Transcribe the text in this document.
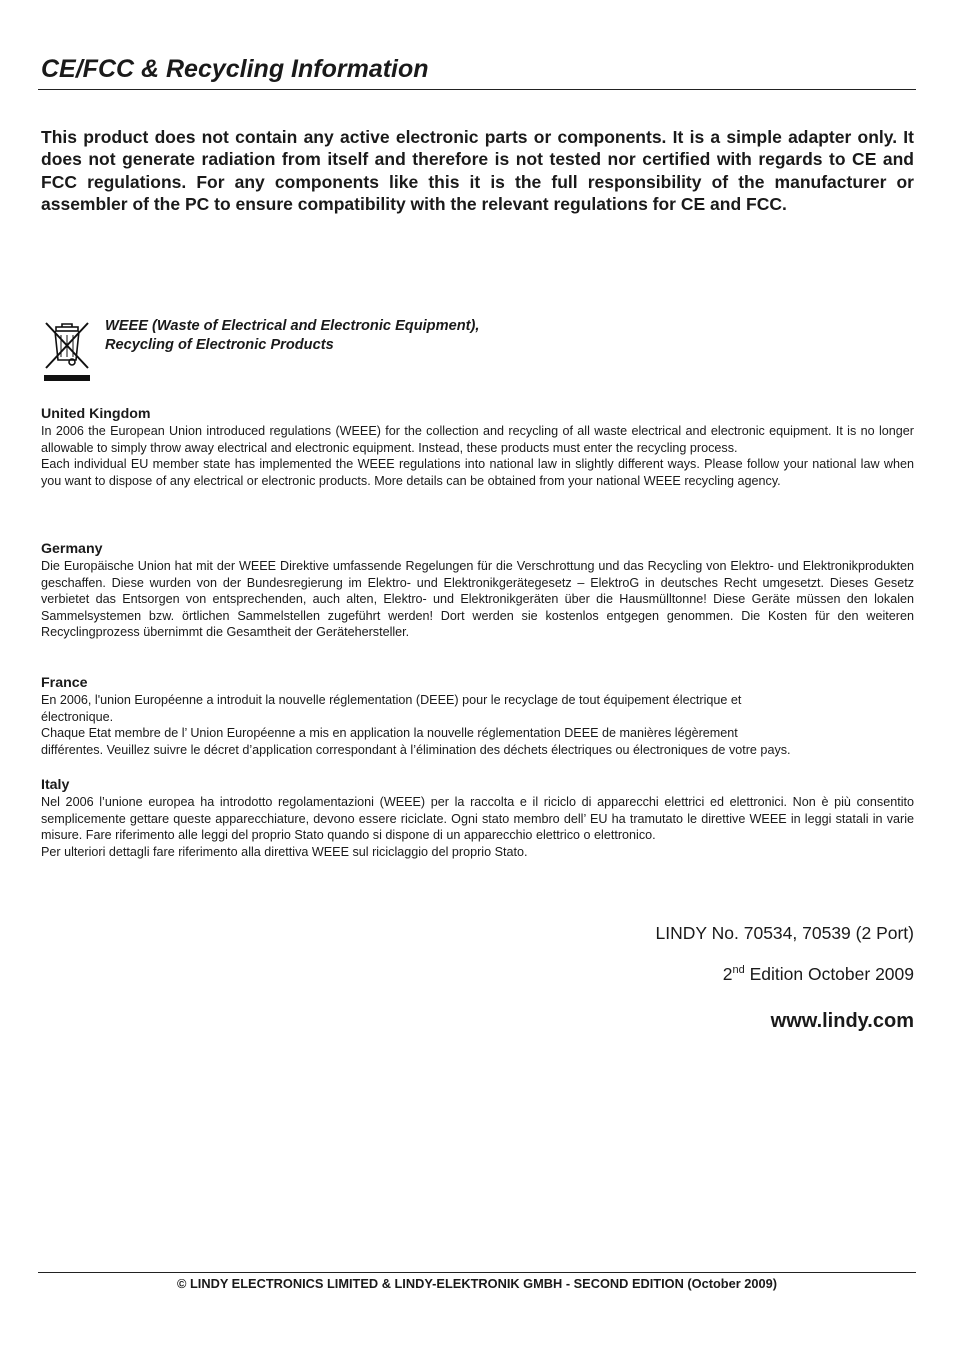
CE/FCC & Recycling Information

This product does not contain any active electronic parts or components. It is a simple adapter only. It does not generate radiation from itself and therefore is not tested nor certified with regards to CE and FCC regulations. For any components like this it is the full responsibility of the manufacturer or assembler of the PC to ensure compatibility with the relevant regulations for CE and FCC.

WEEE (Waste of Electrical and Electronic Equipment),
Recycling of Electronic Products

United Kingdom

In 2006 the European Union introduced regulations (WEEE) for the collection and recycling of all waste electrical and electronic equipment. It is no longer allowable to simply throw away electrical and electronic equipment. Instead, these products must enter the recycling process.

Each individual EU member state has implemented the WEEE regulations into national law in slightly different ways. Please follow your national law when you want to dispose of any electrical or electronic products. More details can be obtained from your national WEEE recycling agency.

Germany

Die Europäische Union hat mit der WEEE Direktive umfassende Regelungen für die Verschrottung und das Recycling von Elektro- und Elektronikprodukten geschaffen. Diese wurden von der Bundesregierung im Elektro- und Elektronikgerätegesetz – ElektroG in deutsches Recht umgesetzt. Dieses Gesetz verbietet das Entsorgen von entsprechenden, auch alten, Elektro- und Elektronikgeräten über die Hausmülltonne! Diese Geräte müssen den lokalen Sammelsystemen bzw. örtlichen Sammelstellen zugeführt werden! Dort werden sie kostenlos entgegen genommen. Die Kosten für den weiteren Recyclingprozess übernimmt die Gesamtheit der Gerätehersteller.

France

En 2006, l'union Européenne a introduit la nouvelle réglementation (DEEE) pour le recyclage de tout équipement électrique et
électronique.

Chaque Etat membre de l’ Union Européenne a mis en application la nouvelle réglementation DEEE de manières légèrement
différentes. Veuillez suivre le décret d’application correspondant à l’élimination des déchets électriques ou électroniques de votre pays.

Italy

Nel 2006 l’unione europea ha introdotto regolamentazioni (WEEE) per la raccolta e il riciclo di apparecchi elettrici ed elettronici. Non è più consentito semplicemente gettare queste apparecchiature, devono essere riciclate. Ogni stato membro dell’ EU ha tramutato le direttive WEEE in leggi statali in varie misure. Fare riferimento alle leggi del proprio Stato quando si dispone di un apparecchio elettrico o elettronico.

Per ulteriori dettagli fare riferimento alla direttiva WEEE sul riciclaggio del proprio Stato.

LINDY No. 70534, 70539 (2 Port)

2nd Edition October 2009

www.lindy.com

© LINDY ELECTRONICS LIMITED & LINDY-ELEKTRONIK GMBH - SECOND EDITION (October 2009)
